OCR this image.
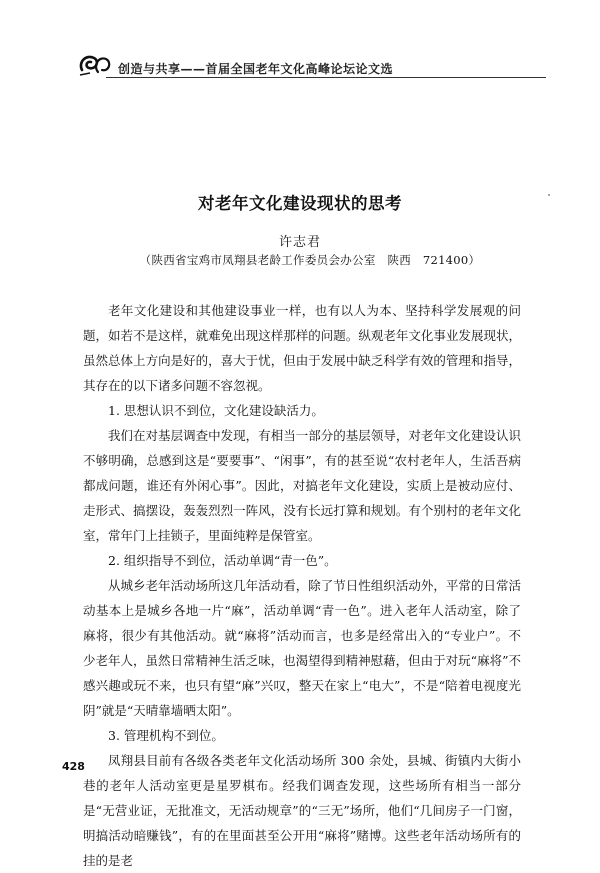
创造与共享——首届全国老年文化高峰论坛论文选
对老年文化建设现状的思考
许志君
（陕西省宝鸡市凤翔县老龄工作委员会办公室　陕西　721400）

老年文化建设和其他建设事业一样，也有以人为本、坚持科学发展观的问题，如若不是这样，就难免出现这样那样的问题。纵观老年文化事业发展现状，虽然总体上方向是好的，喜大于忧，但由于发展中缺乏科学有效的管理和指导，其存在的以下诸多问题不容忽视。

1. 思想认识不到位，文化建设缺活力。

我们在对基层调查中发现，有相当一部分的基层领导，对老年文化建设认识不够明确，总感到这是“要要事”、“闲事”，有的甚至说“农村老年人，生活吾病都成问题，谁还有外闲心事”。因此，对搞老年文化建设，实质上是被动应付、走形式、搞摆设，轰轰烈烈一阵风，没有长远打算和规划。有个别村的老年文化室，常年门上挂锁子，里面纯粹是保管室。

2. 组织指导不到位，活动单调“青一色”。

从城乡老年活动场所这几年活动看，除了节日性组织活动外，平常的日常活动基本上是城乡各地一片“麻”，活动单调“青一色”。进入老年人活动室，除了麻将，很少有其他活动。就“麻将”活动而言，也多是经常出入的“专业户”。不少老年人，虽然日常精神生活乏味，也渴望得到精神慰藉，但由于对玩“麻将”不感兴趣或玩不来，也只有望“麻”兴叹，整天在家上“电大”，不是“陪着电视度光阴”就是“天晴靠墙晒太阳”。

3. 管理机构不到位。

凤翔县目前有各级各类老年文化活动场所 300 余处，县城、街镇内大街小巷的老年人活动室更是星罗棋布。经我们调查发现，这些场所有相当一部分是“无营业证，无批准文，无活动规章”的“三无”场所，他们“几间房子一门窗，明搞活动暗赚钱”，有的在里面甚至公开用“麻将”赌博。这些老年活动场所有的挂的是老

428
